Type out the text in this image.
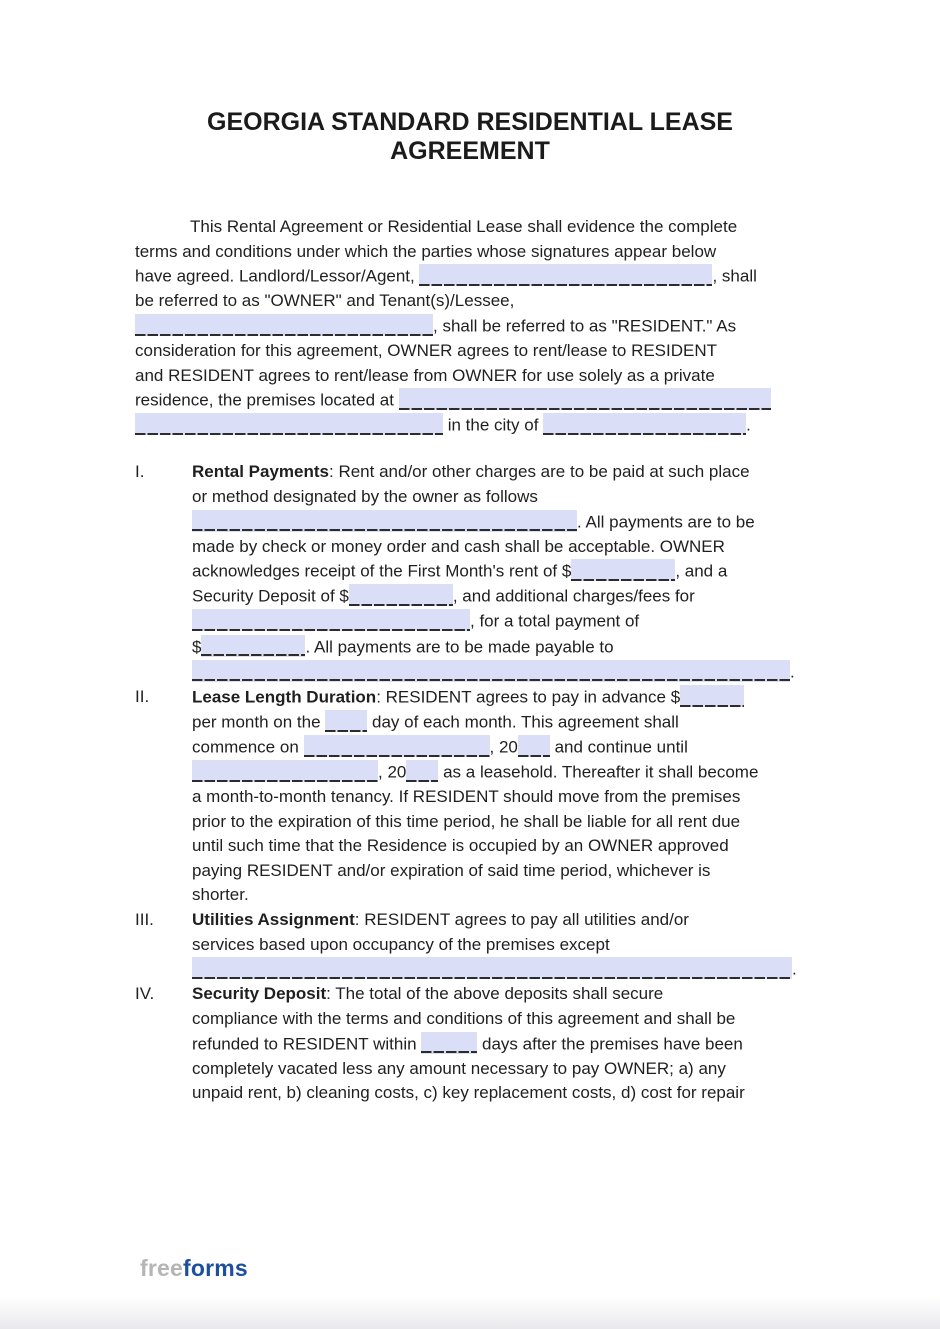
GEORGIA STANDARD RESIDENTIAL LEASE
AGREEMENT
This Rental Agreement or Residential Lease shall evidence the complete
terms and conditions under which the parties whose signatures appear below
have agreed. Landlord/Lessor/Agent,	, shall
be referred to as "OWNER" and Tenant(s)/Lessee,
, shall be referred to as "RESIDENT." As
consideration for this agreement, OWNER agrees to rent/lease to RESIDENT
and RESIDENT agrees to rent/lease from OWNER for use solely as a private
residence, the premises located at
in the city of	.
I.	Rental Payments: Rent and/or other charges are to be paid at such place
or method designated by the owner as follows
. All payments are to be
made by check or money order and cash shall be acceptable. OWNER
acknowledges receipt of the First Month's rent of $	, and a
Security Deposit of $	, and additional charges/fees for
, for a total payment of
$	. All payments are to be made payable to
.
II.	Lease Length Duration: RESIDENT agrees to pay in advance $
per month on the  day of each month. This agreement shall
commence on	, 20 and continue until
, 20 as a leasehold. Thereafter it shall become
a month-to-month tenancy. If RESIDENT should move from the premises
prior to the expiration of this time period, he shall be liable for all rent due
until such time that the Residence is occupied by an OWNER approved
paying RESIDENT and/or expiration of said time period, whichever is
shorter.
III.	Utilities Assignment: RESIDENT agrees to pay all utilities and/or
services based upon occupancy of the premises except
.
IV.	Security Deposit: The total of the above deposits shall secure
compliance with the terms and conditions of this agreement and shall be
refunded to RESIDENT within	days after the premises have been
completely vacated less any amount necessary to pay OWNER; a) any
unpaid rent, b) cleaning costs, c) key replacement costs, d) cost for repair
freeforms
